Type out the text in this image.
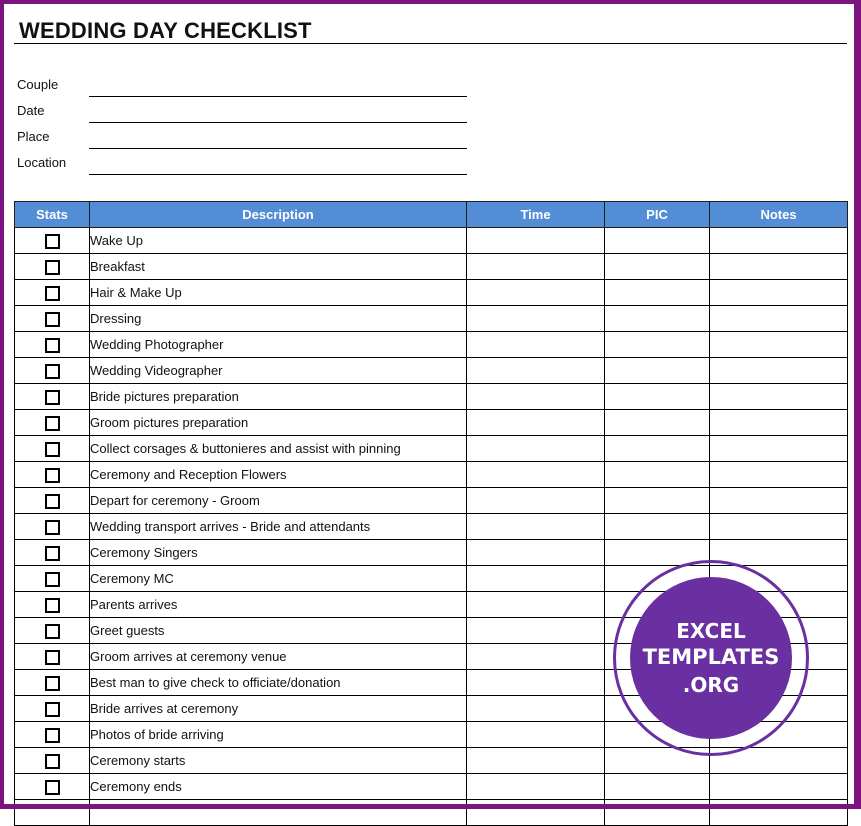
WEDDING DAY CHECKLIST
Couple
Date
Place
Location
Stats	Description	Time	PIC	Notes
	Wake Up			
	Breakfast			
	Hair & Make Up			
	Dressing			
	Wedding Photographer			
	Wedding Videographer			
	Bride pictures preparation			
	Groom pictures preparation			
	Collect corsages & buttonieres and assist with pinning			
	Ceremony and Reception Flowers			
	Depart for ceremony - Groom			
	Wedding transport arrives - Bride and attendants			
	Ceremony Singers			
	Ceremony MC			
	Parents arrives			
	Greet guests			
	Groom arrives at ceremony venue			
	Best man to give check to officiate/donation			
	Bride arrives at ceremony			
	Photos of bride arriving			
	Ceremony starts			
	Ceremony ends			

EXCEL
TEMPLATES
.ORG
